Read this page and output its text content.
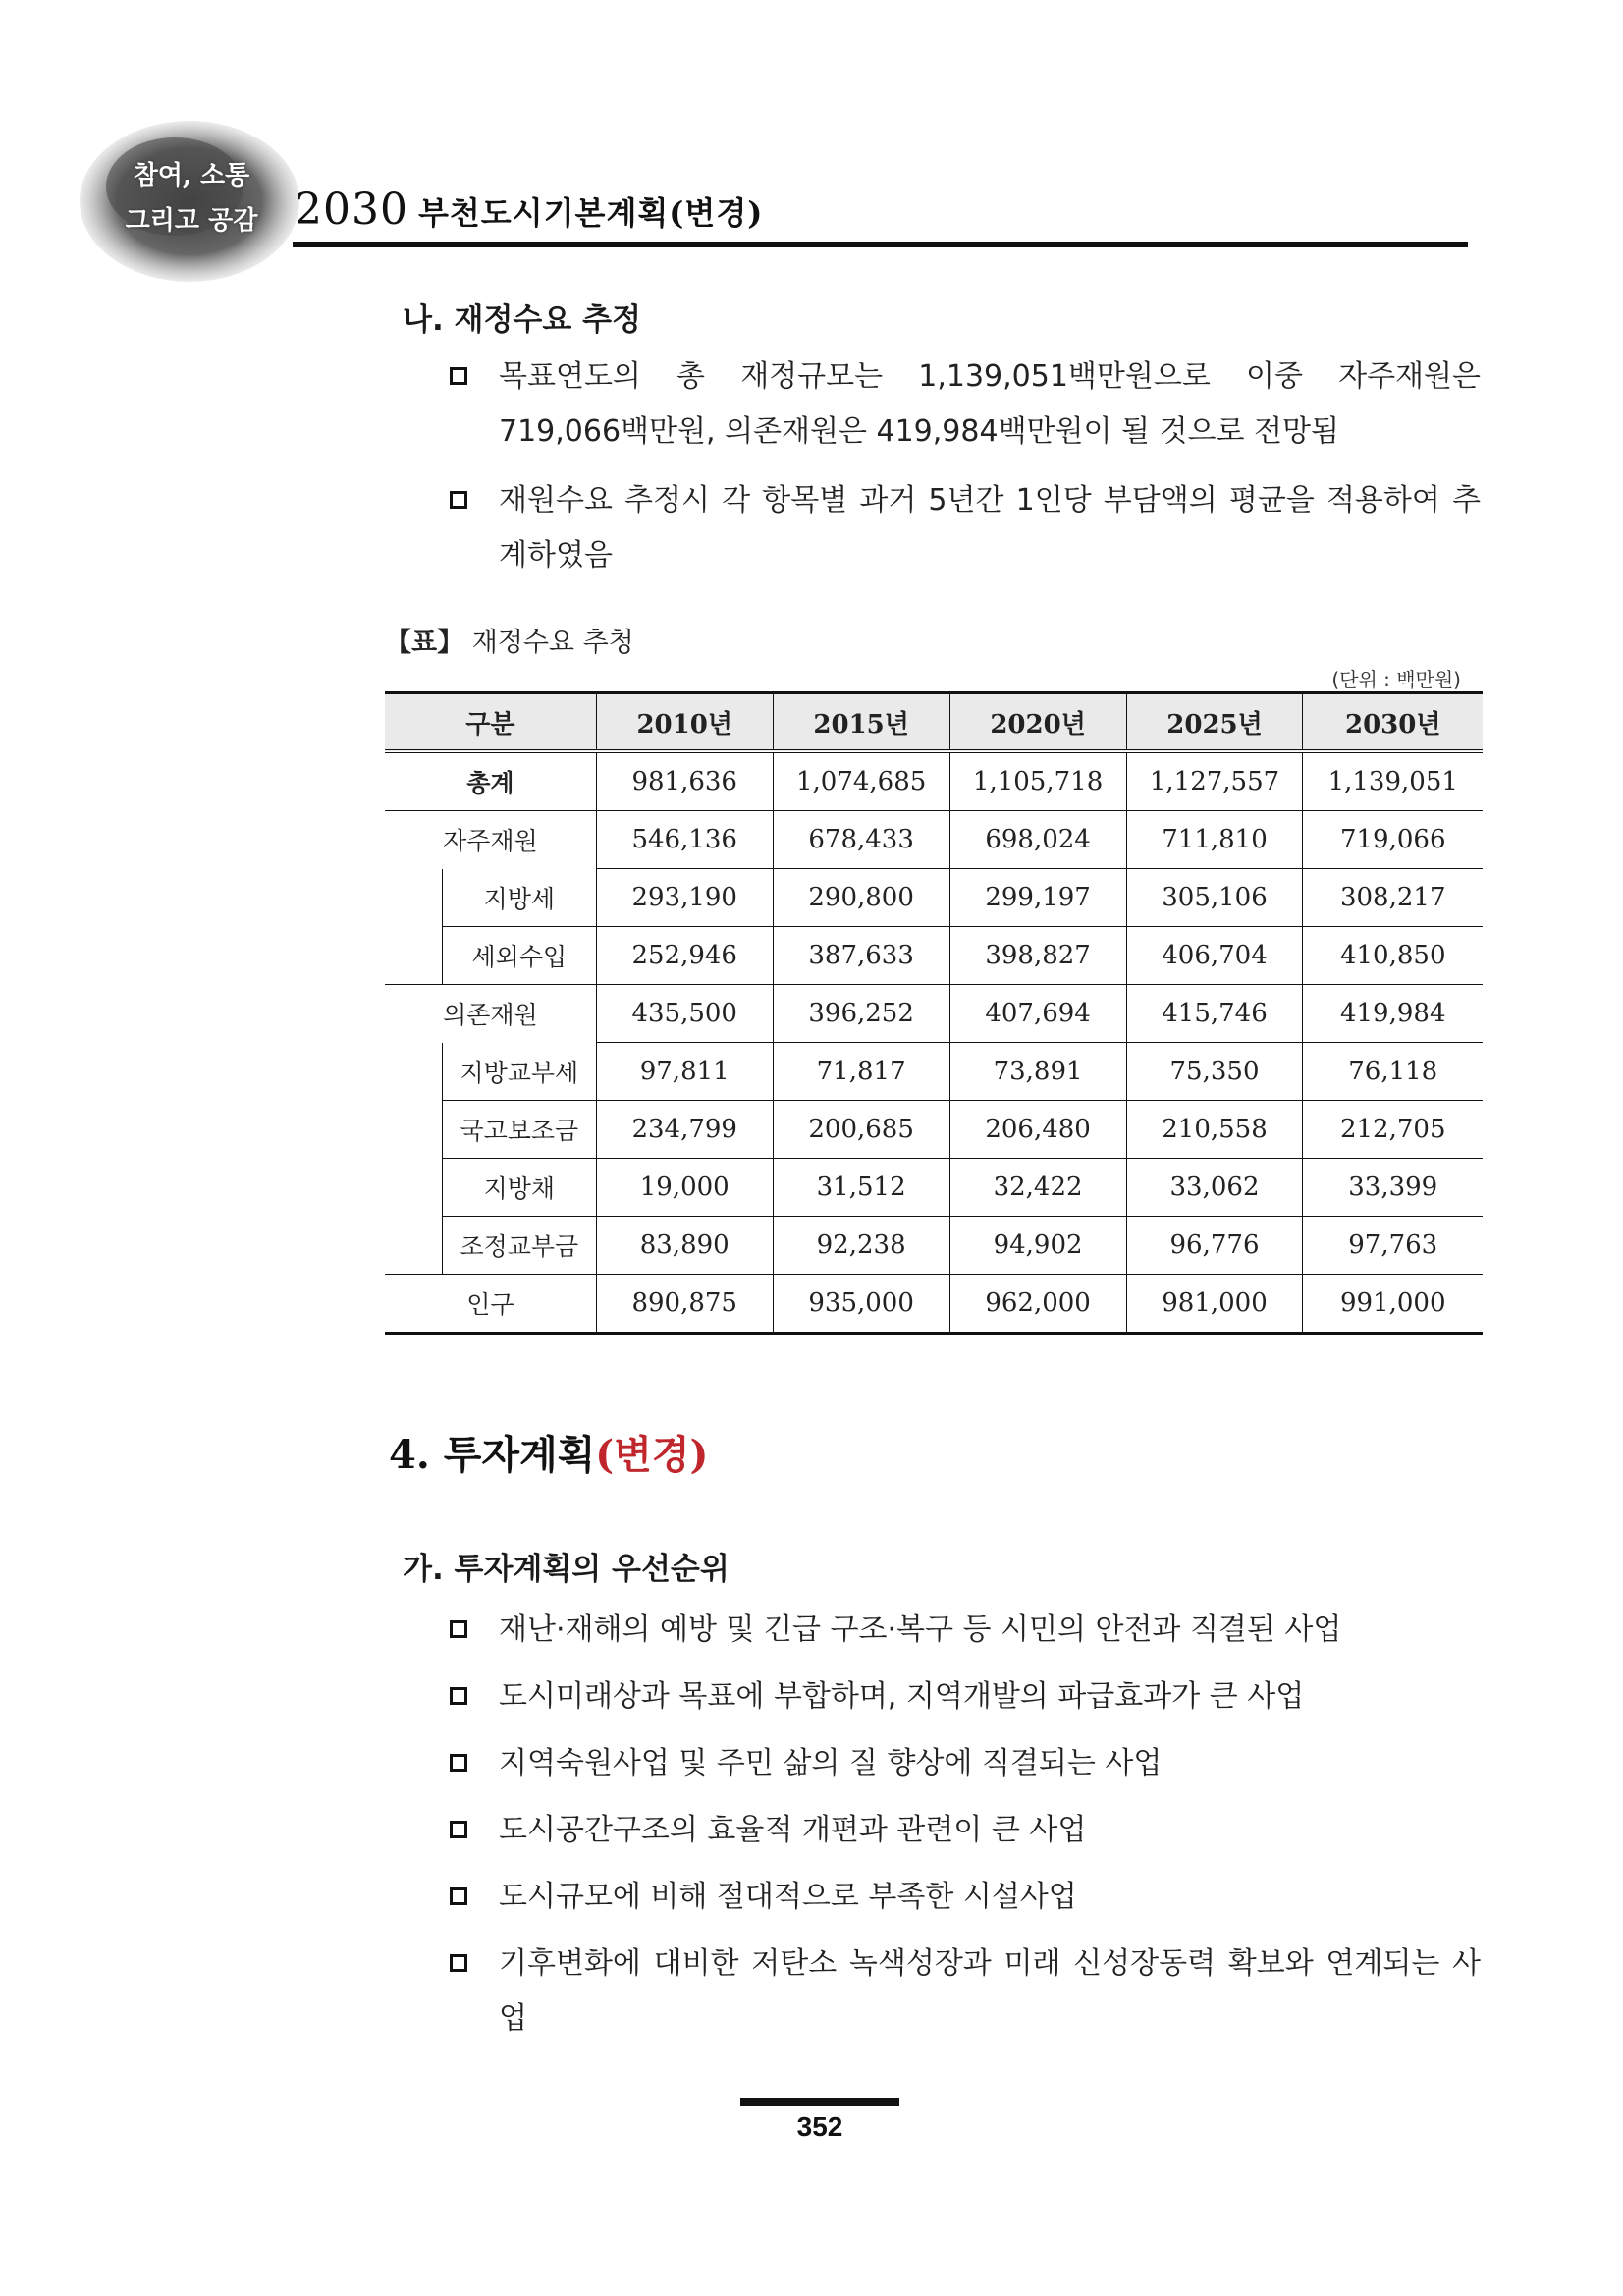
참여, 소통
그리고 공감 2030 부천도시기본계획(변경)
나. 재정수요 추정
목표연도의 총 재정규모는 1,139,051백만원으로 이중 자주재원은 719,066백만원, 의존재원은 419,984백만원이 될 것으로 전망됨
재원수요 추정시 각 항목별 과거 5년간 1인당 부담액의 평균을 적용하여 추계하였음
【표】 재정수요 추청
(단위 : 백만원)
구분		2010년	2015년	2020년	2025년	2030년
총계		981,636	1,074,685	1,105,718	1,127,557	1,139,051
자주재원		546,136	678,433	698,024	711,810	719,066
	지방세	293,190	290,800	299,197	305,106	308,217
	세외수입	252,946	387,633	398,827	406,704	410,850
의존재원		435,500	396,252	407,694	415,746	419,984
	지방교부세	97,811	71,817	73,891	75,350	76,118
	국고보조금	234,799	200,685	206,480	210,558	212,705
	지방채	19,000	31,512	32,422	33,062	33,399
	조정교부금	83,890	92,238	94,902	96,776	97,763
인구		890,875	935,000	962,000	981,000	991,000
4. 투자계획(변경)
가. 투자계획의 우선순위
재난·재해의 예방 및 긴급 구조·복구 등 시민의 안전과 직결된 사업
도시미래상과 목표에 부합하며, 지역개발의 파급효과가 큰 사업
지역숙원사업 및 주민 삶의 질 향상에 직결되는 사업
도시공간구조의 효율적 개편과 관련이 큰 사업
도시규모에 비해 절대적으로 부족한 시설사업
기후변화에 대비한 저탄소 녹색성장과 미래 신성장동력 확보와 연계되는 사업
352
